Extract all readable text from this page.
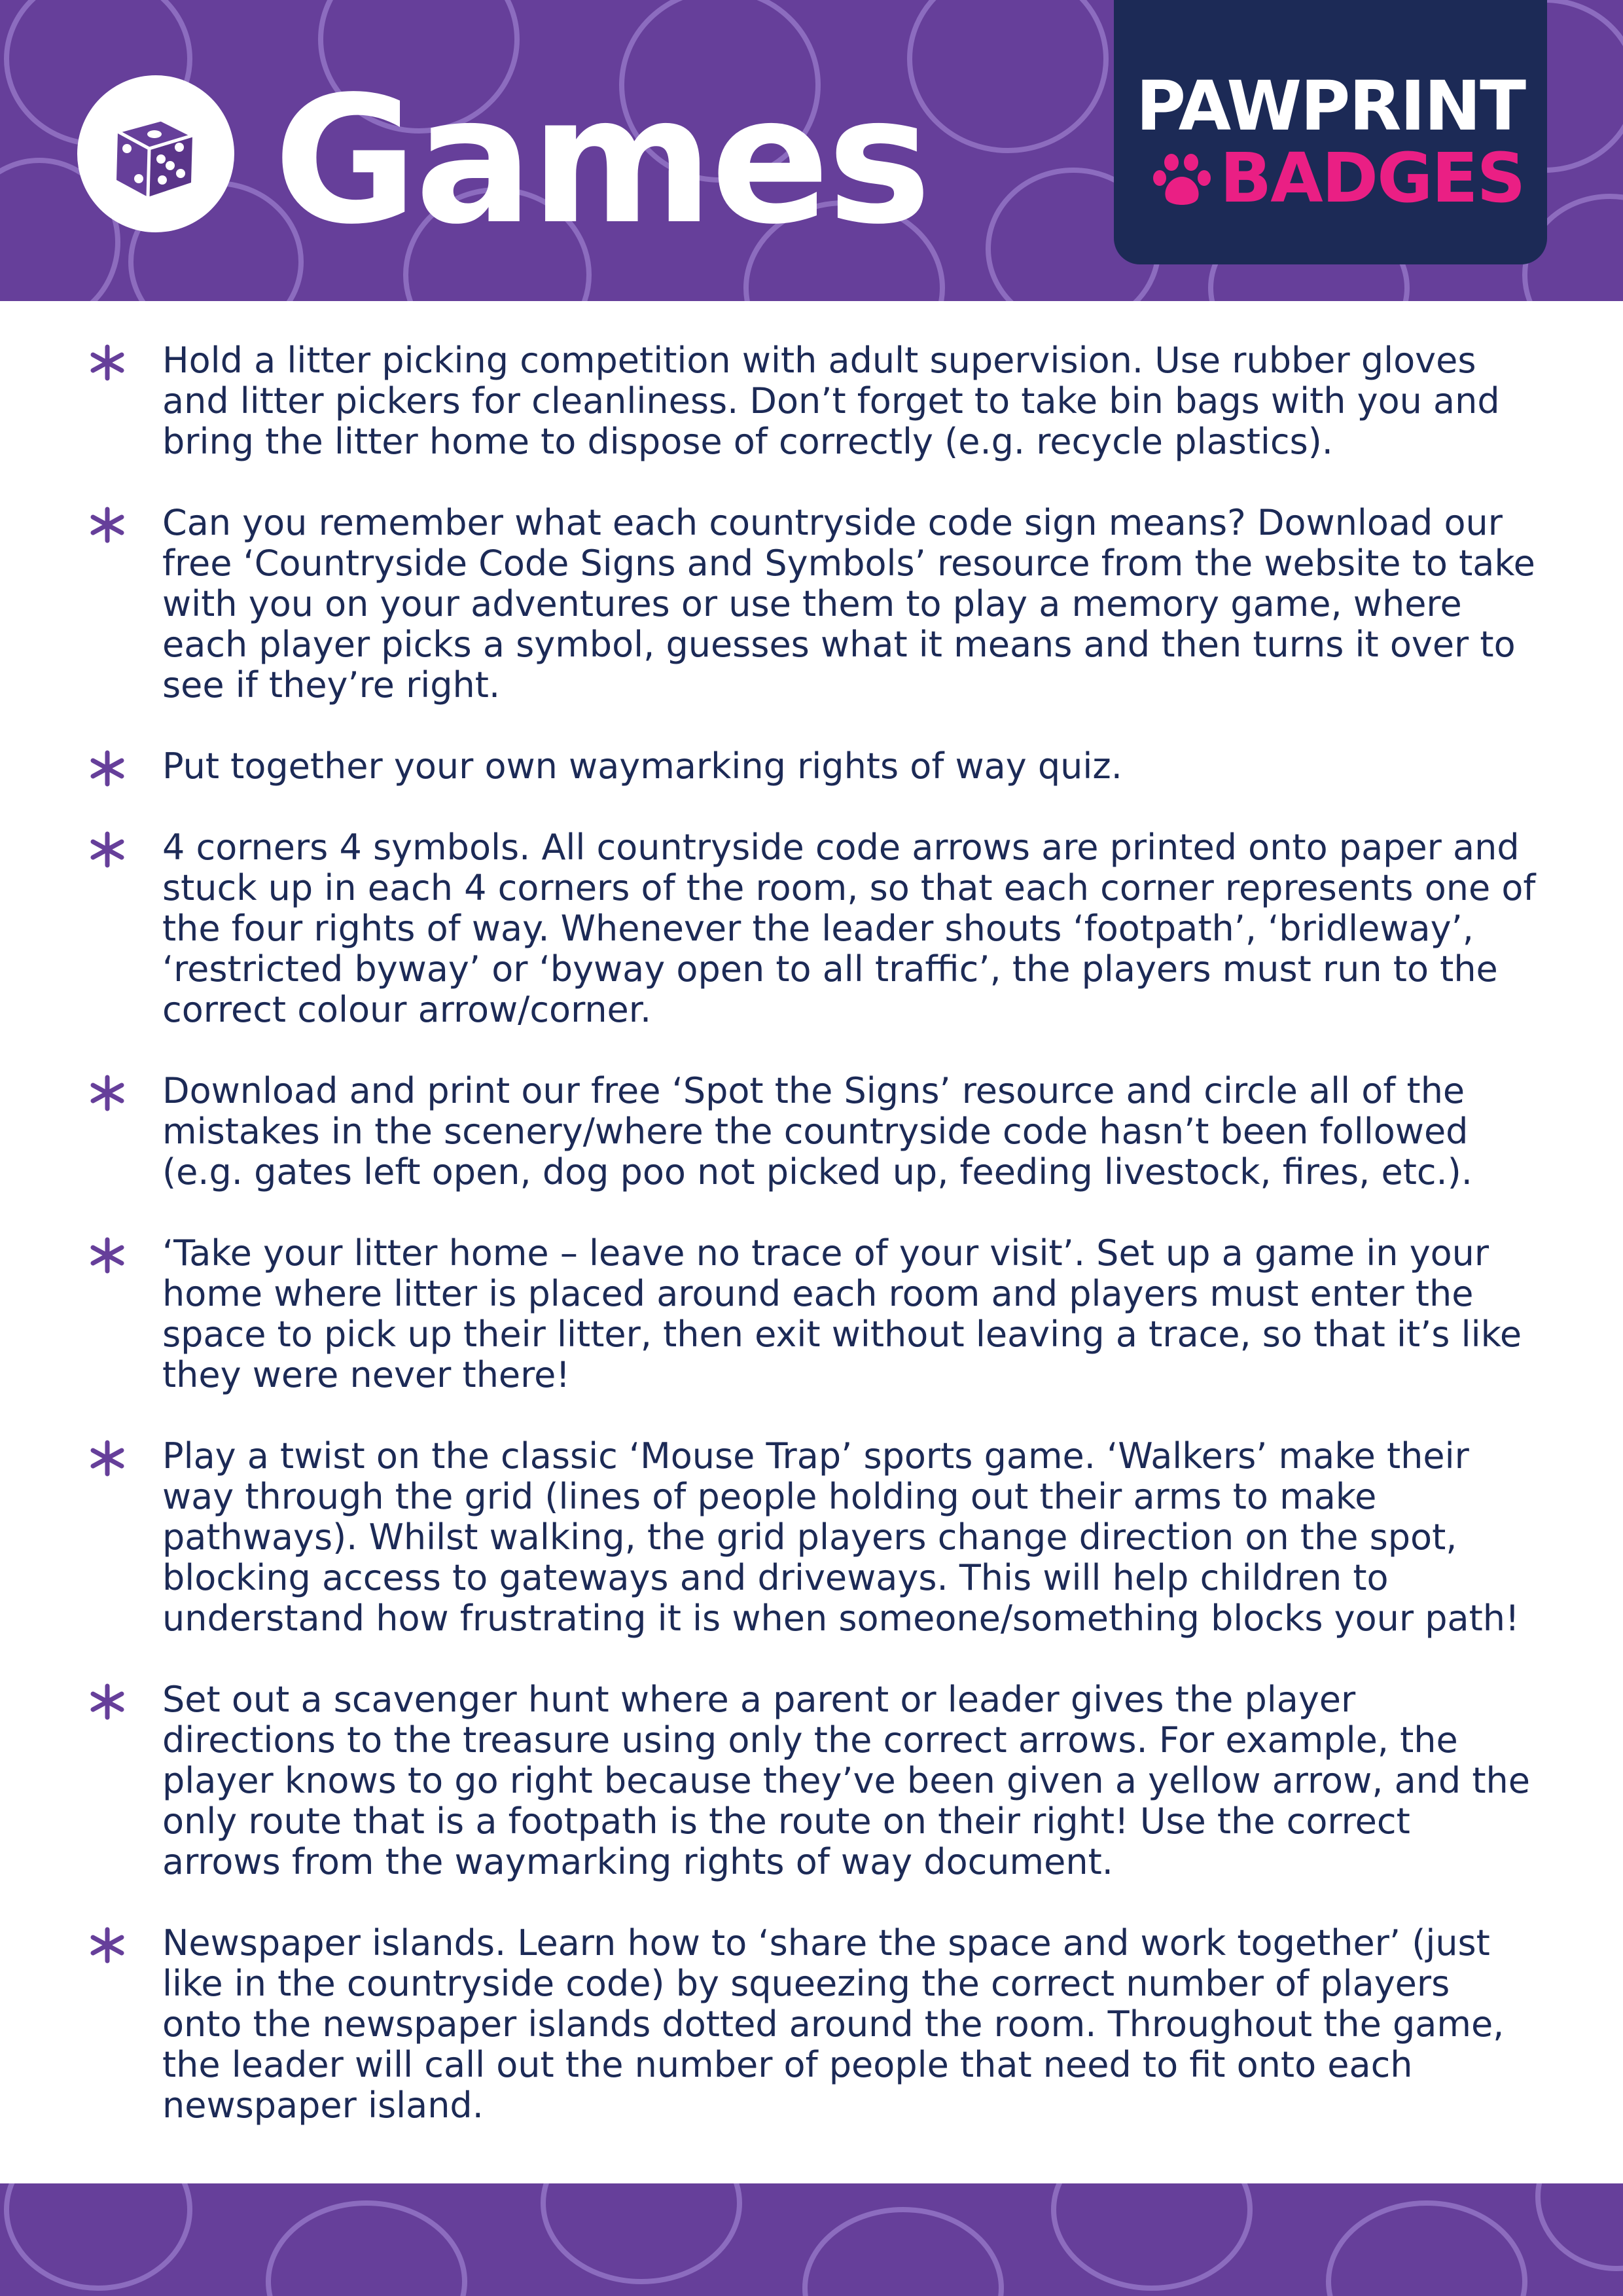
Games	PAWPRINT
BADGES
Hold a litter picking competition with adult supervision. Use rubber gloves and litter pickers for cleanliness. Don’t forget to take bin bags with you and bring the litter home to dispose of correctly (e.g. recycle plastics).
Can you remember what each countryside code sign means? Download our free ‘Countryside Code Signs and Symbols’ resource from the website to take with you on your adventures or use them to play a memory game, where each player picks a symbol, guesses what it means and then turns it over to see if they’re right.
Put together your own waymarking rights of way quiz.
4 corners 4 symbols. All countryside code arrows are printed onto paper and stuck up in each 4 corners of the room, so that each corner represents one of the four rights of way. Whenever the leader shouts ‘footpath’, ‘bridleway’, ‘restricted byway’ or ‘byway open to all traffic’, the players must run to the correct colour arrow/corner.
Download and print our free ‘Spot the Signs’ resource and circle all of the mistakes in the scenery/where the countryside code hasn’t been followed (e.g. gates left open, dog poo not picked up, feeding livestock, fires, etc.).
‘Take your litter home – leave no trace of your visit’. Set up a game in your home where litter is placed around each room and players must enter the space to pick up their litter, then exit without leaving a trace, so that it’s like they were never there!
Play a twist on the classic ‘Mouse Trap’ sports game. ‘Walkers’ make their way through the grid (lines of people holding out their arms to make pathways). Whilst walking, the grid players change direction on the spot, blocking access to gateways and driveways. This will help children to understand how frustrating it is when someone/something blocks your path!
Set out a scavenger hunt where a parent or leader gives the player directions to the treasure using only the correct arrows. For example, the player knows to go right because they’ve been given a yellow arrow, and the only route that is a footpath is the route on their right! Use the correct arrows from the waymarking rights of way document.
Newspaper islands. Learn how to ‘share the space and work together’ (just like in the countryside code) by squeezing the correct number of players onto the newspaper islands dotted around the room. Throughout the game, the leader will call out the number of people that need to fit onto each newspaper island.
